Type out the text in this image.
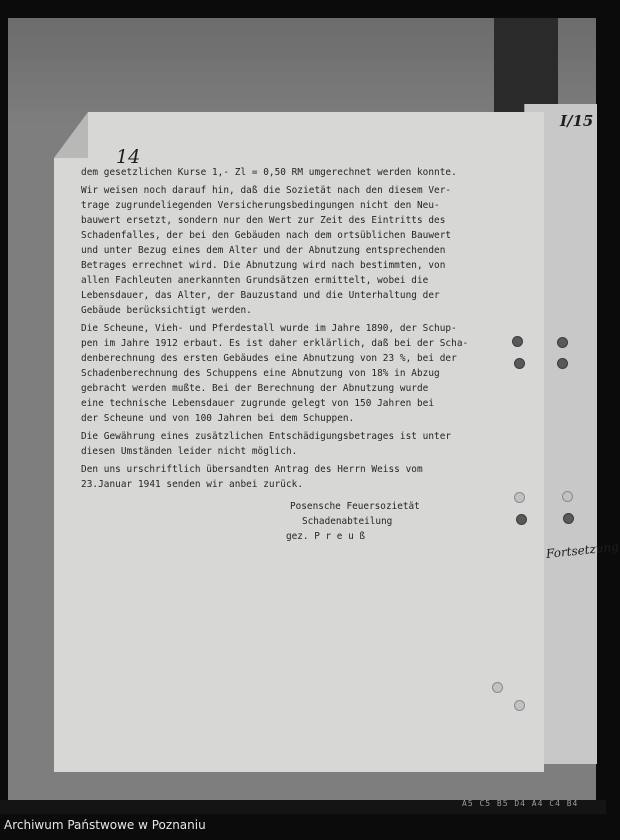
14
I/15
Fortsetzung
dem gesetzlichen Kurse 1,- Zl = 0,50 RM umgerechnet werden konnte.
Wir weisen noch darauf hin, daß die Sozietät nach den diesem Ver-
trage zugrundeliegenden Versicherungsbedingungen nicht den Neu-
bauwert ersetzt, sondern nur den Wert zur Zeit des Eintritts des
Schadenfalles, der bei den Gebäuden nach dem ortsüblichen Bauwert
und unter Bezug eines dem Alter und der Abnutzung entsprechenden
Betrages errechnet wird. Die Abnutzung wird nach bestimmten, von
allen Fachleuten anerkannten Grundsätzen ermittelt, wobei die
Lebensdauer, das Alter, der Bauzustand und die Unterhaltung der
Gebäude berücksichtigt werden.
Die Scheune, Vieh- und Pferdestall wurde im Jahre 1890, der Schup-
pen im Jahre 1912 erbaut. Es ist daher erklärlich, daß bei der Scha-
denberechnung des ersten Gebäudes eine Abnutzung von 23 %, bei der
Schadenberechnung des Schuppens eine Abnutzung von 18% in Abzug
gebracht werden mußte. Bei der Berechnung der Abnutzung wurde
eine technische Lebensdauer zugrunde gelegt von 150 Jahren bei
der Scheune und von 100 Jahren bei dem Schuppen.
Die Gewährung eines zusätzlichen Entschädigungsbetrages ist unter
diesen Umständen leider nicht möglich.
Den uns urschriftlich übersandten Antrag des Herrn Weiss vom
23.Januar 1941 senden wir anbei zurück.
Posensche Feuersozietät
Schadenabteilung
gez. P r e u ß
A5 C5 B5 D4 A4 C4 B4
Archiwum Państwowe w Poznaniu
